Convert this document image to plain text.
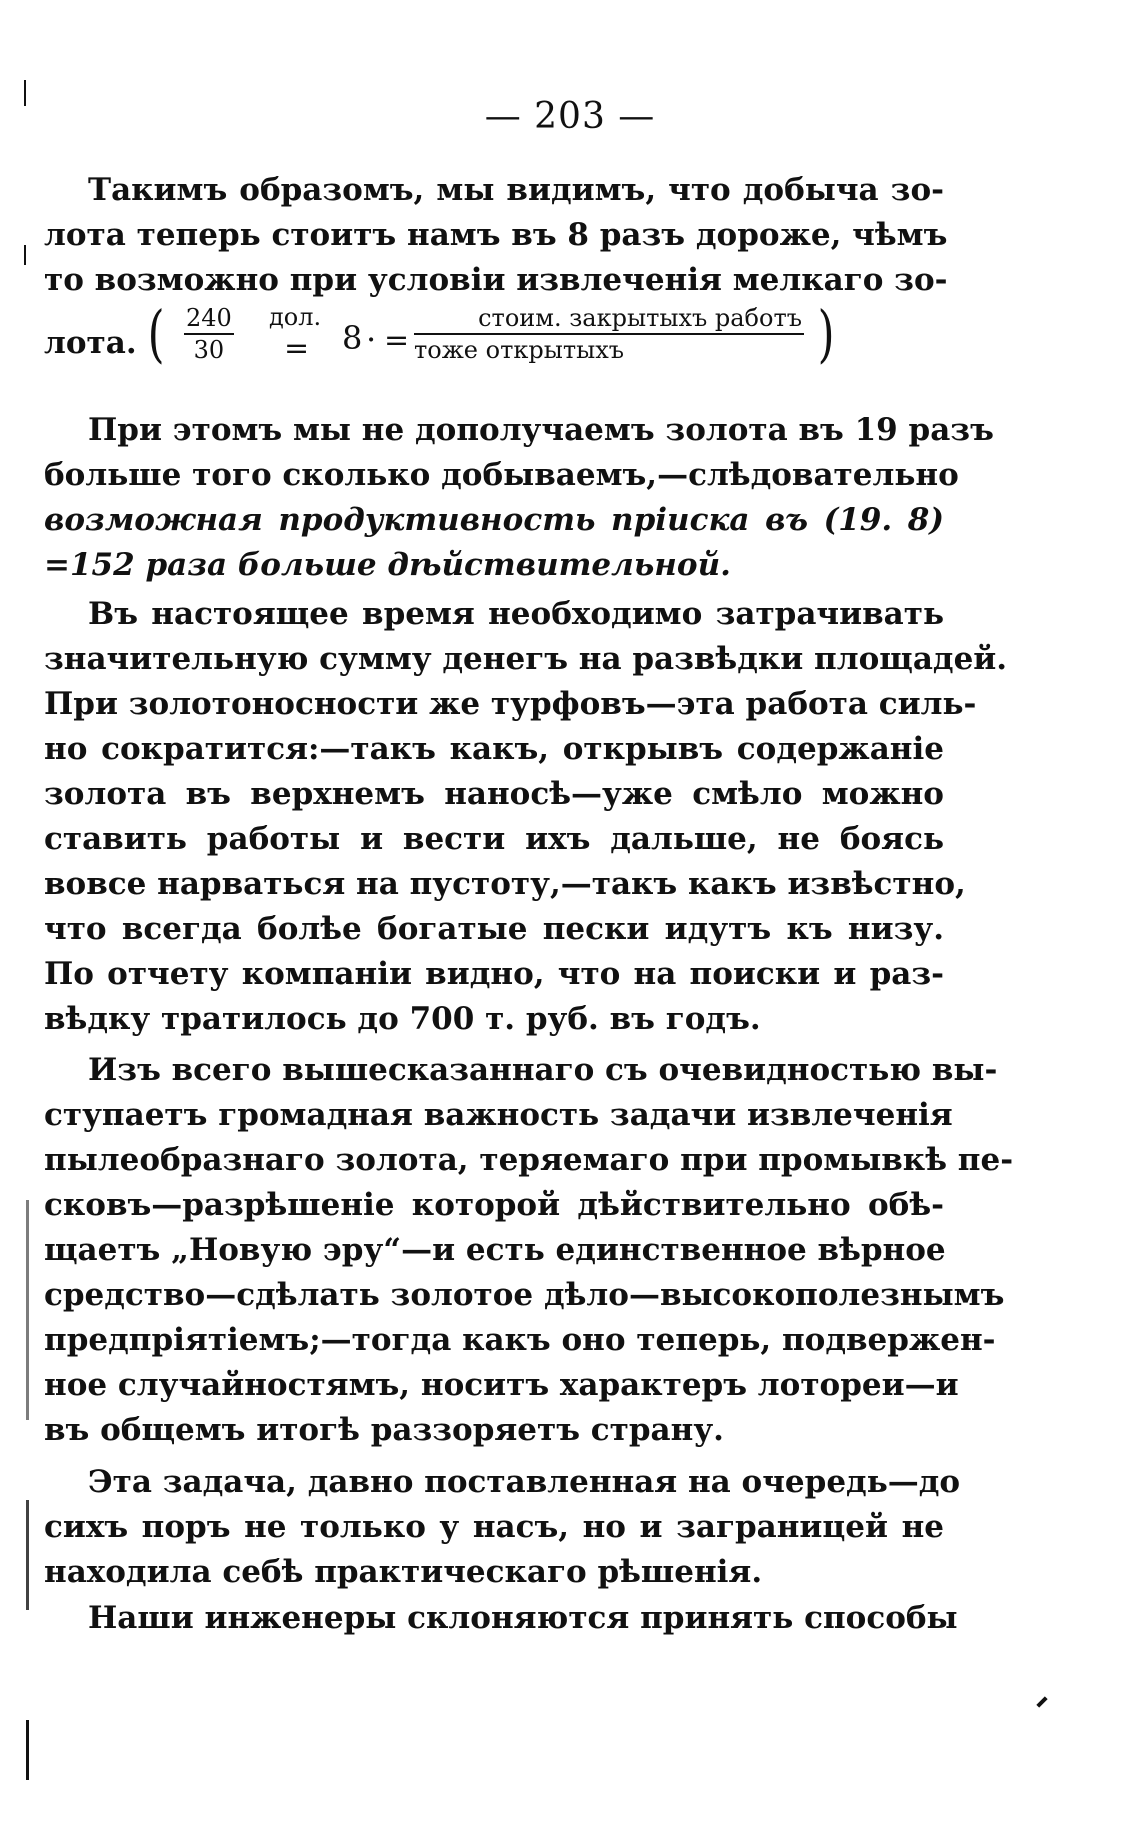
— 203 —
Такимъ образомъ, мы видимъ, что добыча зо-
лота теперь стоитъ намъ въ 8 разъ дороже, чѣмъ
то возможно при условіи извлеченія мелкаго зо-
лота. ( $\frac{240}{30}$ дол.
= 8 . =
стоим. закрытыхъ работъ
тоже открытыхъ	)
При этомъ мы не дополучаемъ золота въ 19 разъ
больше того сколько добываемъ,—слѣдовательно
возможная продуктивность пріиска въ (19. 8)
=152 раза больше дѣйствительной.
Въ настоящее время необходимо затрачивать
значительную сумму денегъ на развѣдки площадей.
При золотоносности же турфовъ—эта работа силь-
но сократится:—такъ какъ, открывъ содержаніе
золота въ верхнемъ наносѣ—уже смѣло можно
ставить работы и вести ихъ дальше, не боясь
вовсе нарваться на пустоту,—такъ какъ извѣстно,
что всегда болѣе богатые пески идутъ къ низу.
По отчету компаніи видно, что на поиски и раз-
вѣдку тратилось до 700 т. руб. въ годъ.
Изъ всего вышесказаннаго съ очевидностью вы-
ступаетъ громадная важность задачи извлеченія
пылеобразнаго золота, теряемаго при промывкѣ пе-
сковъ—разрѣшеніе которой дѣйствительно обѣ-
щаетъ „Новую эру“—и есть единственное вѣрное
средство—сдѣлать золотое дѣло—высокополезнымъ
предпріятіемъ;—тогда какъ оно теперь, подвержен-
ное случайностямъ, носитъ характеръ лотореи—и
въ общемъ итогѣ раззоряетъ страну.
Эта задача, давно поставленная на очередь—до
сихъ поръ не только у насъ, но и заграницей не
находила себѣ практическаго рѣшенія.
Наши инженеры склоняются принять способы
